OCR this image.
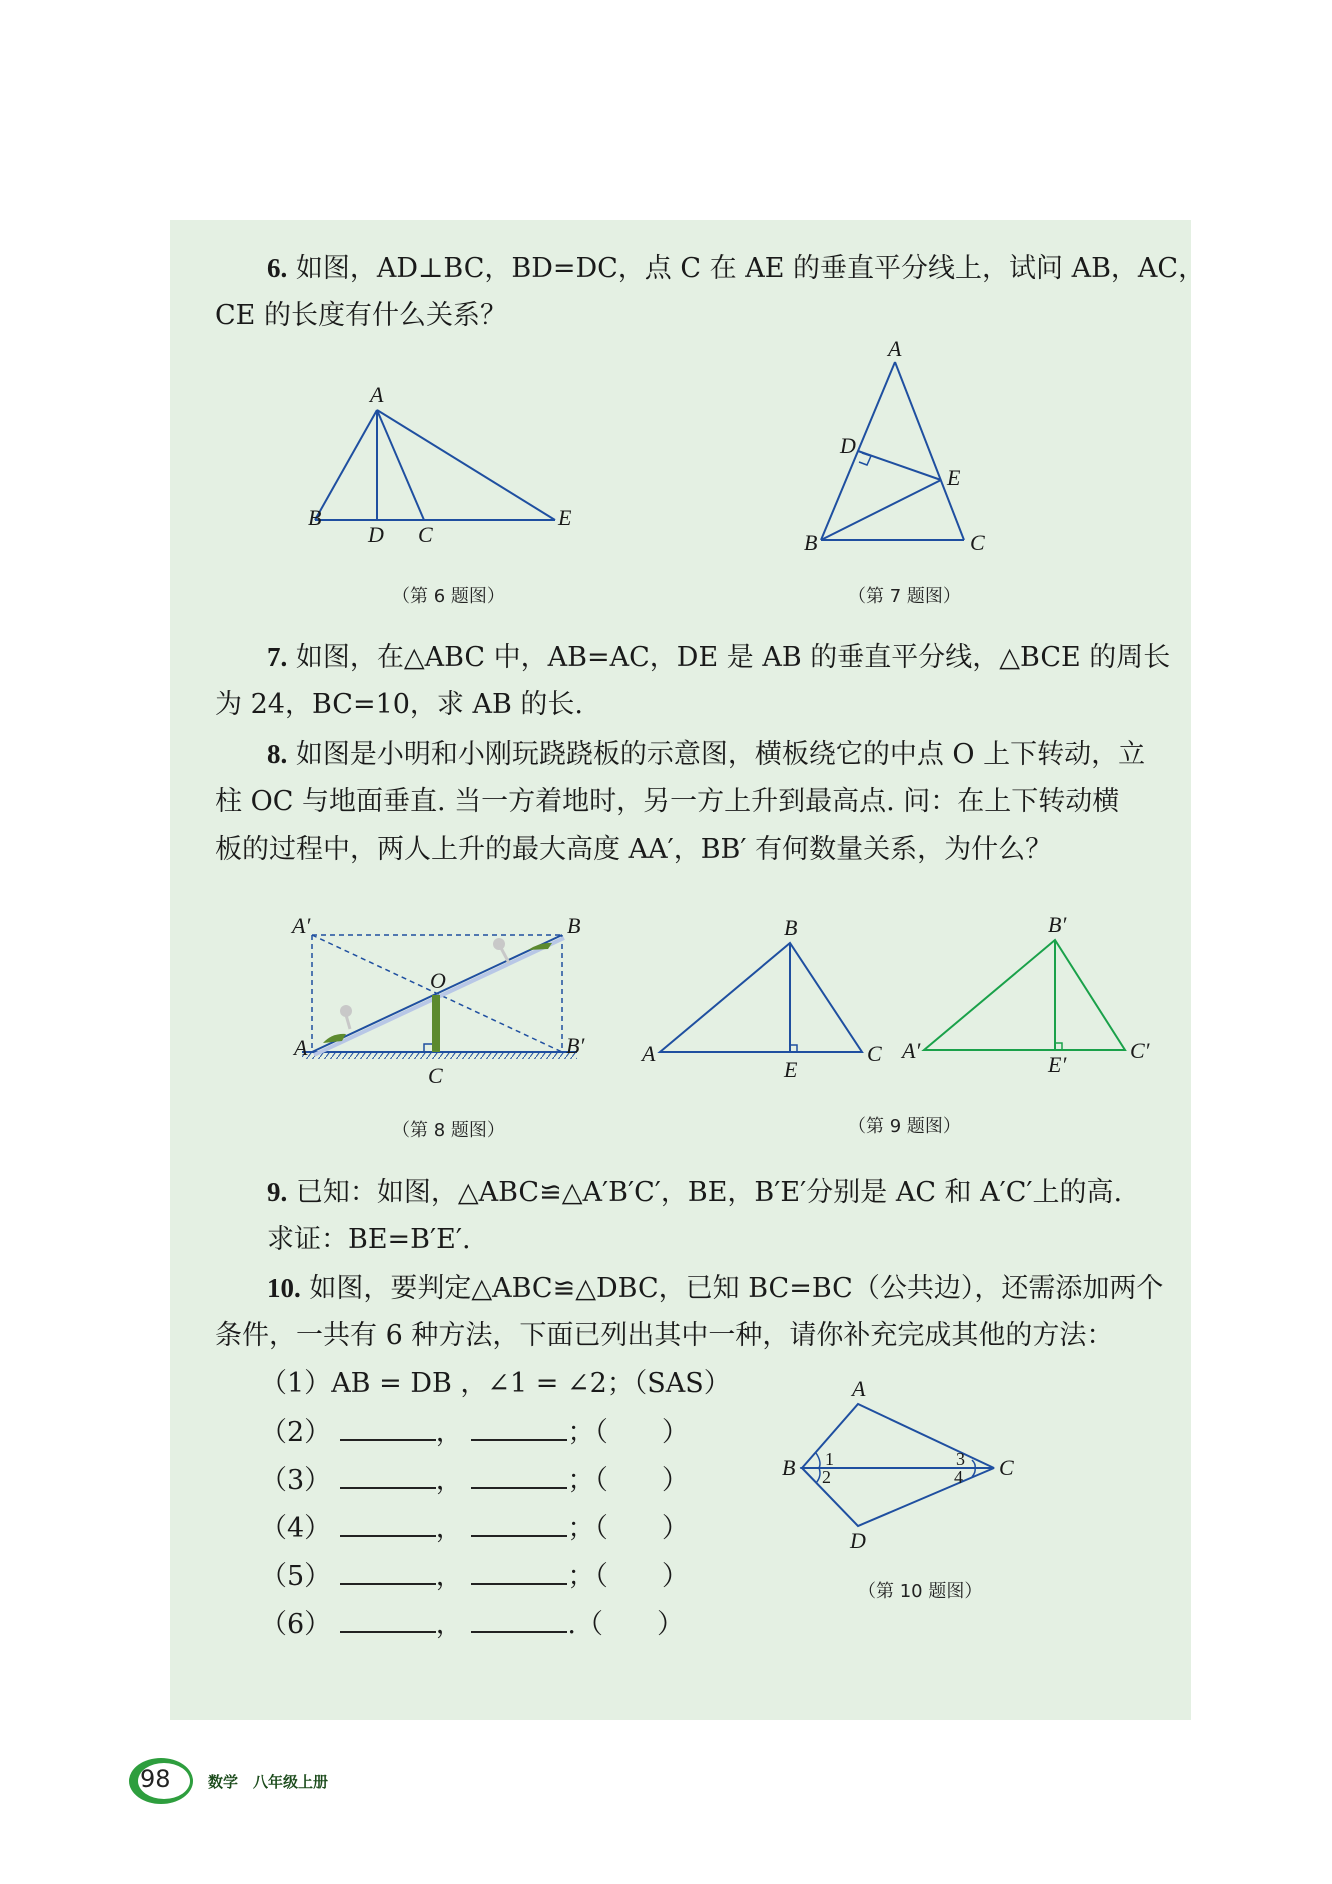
6. 如图，AD⊥BC，BD=DC，点 C 在 AE 的垂直平分线上，试问 AB，AC，
CE 的长度有什么关系？
A
B
D C
E
（第 6 题图）
A
D
E
B	C
（第 7 题图）
7. 如图，在△ABC 中，AB=AC，DE 是 AB 的垂直平分线，△BCE 的周长
为 24，BC=10，求 AB 的长.
8. 如图是小明和小刚玩跷跷板的示意图，横板绕它的中点 O 上下转动，立
柱 OC 与地面垂直. 当一方着地时，另一方上升到最高点. 问：在上下转动横
板的过程中，两人上升的最大高度 AA′，BB′ 有何数量关系，为什么？
A′
A
B
B′
O
C
（第 8 题图）
A
B
C
E
A′
B′
C′
E′
（第 9 题图）
9. 已知：如图，△ABC≌△A′B′C′，BE，B′E′分别是 AC 和 A′C′上的高.
求证：BE=B′E′.
10. 如图，要判定△ABC≌△DBC，已知 BC=BC（公共边），还需添加两个
条件，一共有 6 种方法，下面已列出其中一种，请你补充完成其他的方法：
（1）AB = DB ，∠1 = ∠2；（SAS）
（2）	，	；（　　）
（3）	，	；（　　）
（4）	，	；（　　）
（5）	，	；（　　）
（6）	，	.（　　）
A
B	C
D
1
2
3
4
（第 10 题图）
98 数学　八年级上册
